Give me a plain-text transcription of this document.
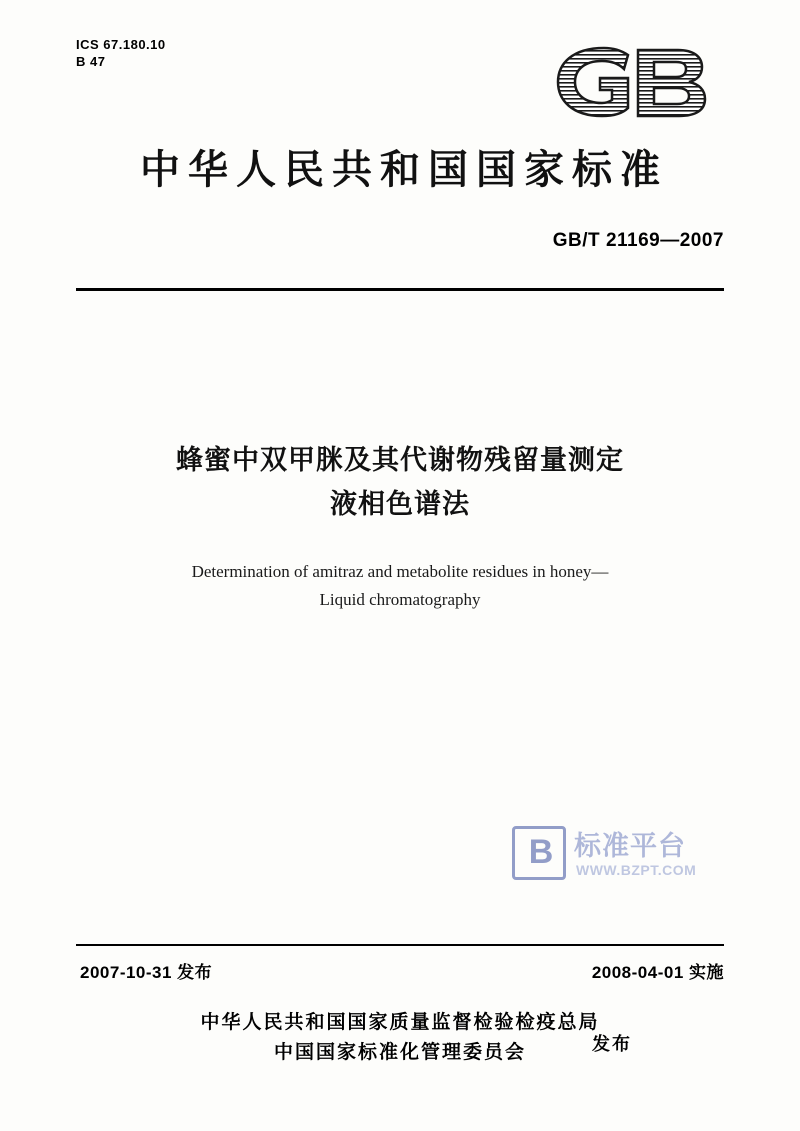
ICS 67.180.10
B 47
中华人民共和国国家标准
GB/T 21169—2007
蜂蜜中双甲脒及其代谢物残留量测定
液相色谱法
Determination of amitraz and metabolite residues in honey—
Liquid chromatography
B 标准平台
WWW.BZPT.COM
2007-10-31 发布	2008-04-01 实施
中华人民共和国国家质量监督检验检疫总局
中国国家标准化管理委员会	发布
